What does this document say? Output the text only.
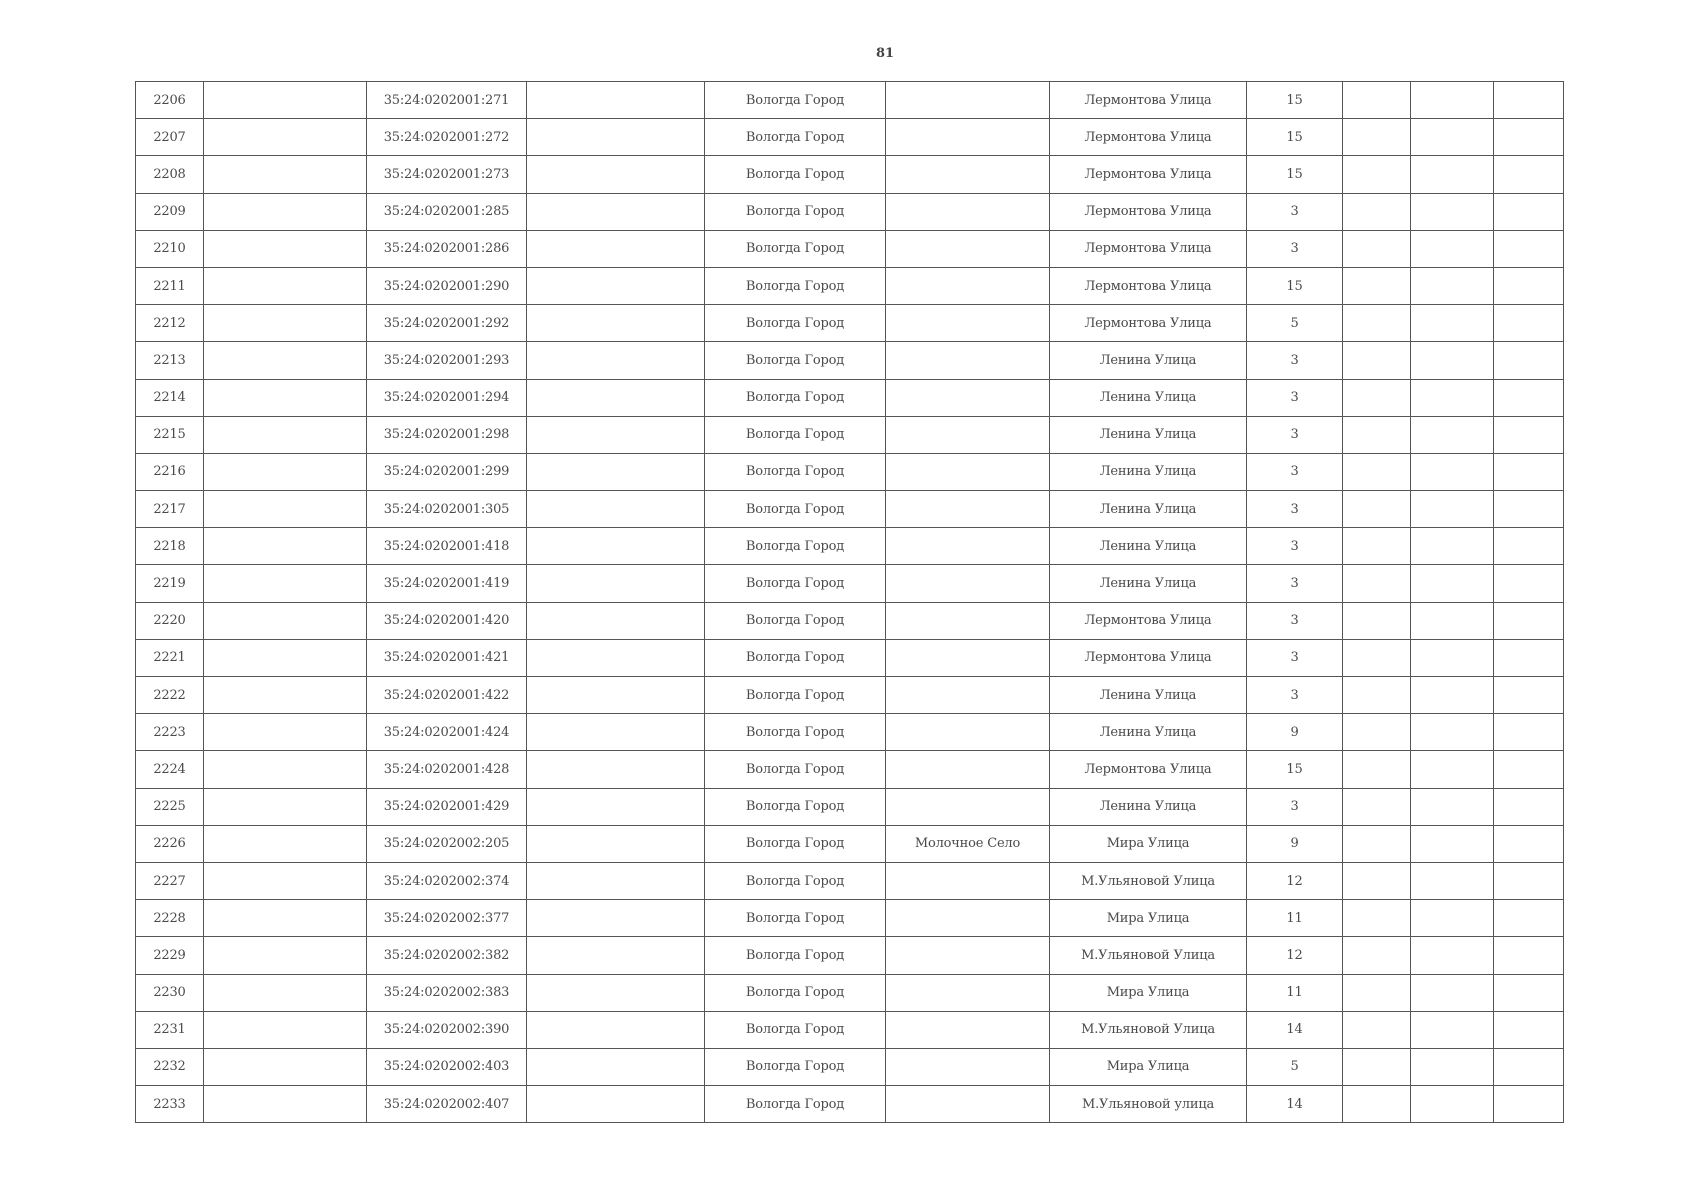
81
2206		35:24:0202001:271		Вологда Город		Лермонтова Улица	15			
2207		35:24:0202001:272		Вологда Город		Лермонтова Улица	15			
2208		35:24:0202001:273		Вологда Город		Лермонтова Улица	15			
2209		35:24:0202001:285		Вологда Город		Лермонтова Улица	3			
2210		35:24:0202001:286		Вологда Город		Лермонтова Улица	3			
2211		35:24:0202001:290		Вологда Город		Лермонтова Улица	15			
2212		35:24:0202001:292		Вологда Город		Лермонтова Улица	5			
2213		35:24:0202001:293		Вологда Город		Ленина Улица	3			
2214		35:24:0202001:294		Вологда Город		Ленина Улица	3			
2215		35:24:0202001:298		Вологда Город		Ленина Улица	3			
2216		35:24:0202001:299		Вологда Город		Ленина Улица	3			
2217		35:24:0202001:305		Вологда Город		Ленина Улица	3			
2218		35:24:0202001:418		Вологда Город		Ленина Улица	3			
2219		35:24:0202001:419		Вологда Город		Ленина Улица	3			
2220		35:24:0202001:420		Вологда Город		Лермонтова Улица	3			
2221		35:24:0202001:421		Вологда Город		Лермонтова Улица	3			
2222		35:24:0202001:422		Вологда Город		Ленина Улица	3			
2223		35:24:0202001:424		Вологда Город		Ленина Улица	9			
2224		35:24:0202001:428		Вологда Город		Лермонтова Улица	15			
2225		35:24:0202001:429		Вологда Город		Ленина Улица	3			
2226		35:24:0202002:205		Вологда Город	Молочное Село	Мира Улица	9			
2227		35:24:0202002:374		Вологда Город		М.Ульяновой Улица	12			
2228		35:24:0202002:377		Вологда Город		Мира Улица	11			
2229		35:24:0202002:382		Вологда Город		М.Ульяновой Улица	12			
2230		35:24:0202002:383		Вологда Город		Мира Улица	11			
2231		35:24:0202002:390		Вологда Город		М.Ульяновой Улица	14			
2232		35:24:0202002:403		Вологда Город		Мира Улица	5			
2233		35:24:0202002:407		Вологда Город		М.Ульяновой улица	14			
